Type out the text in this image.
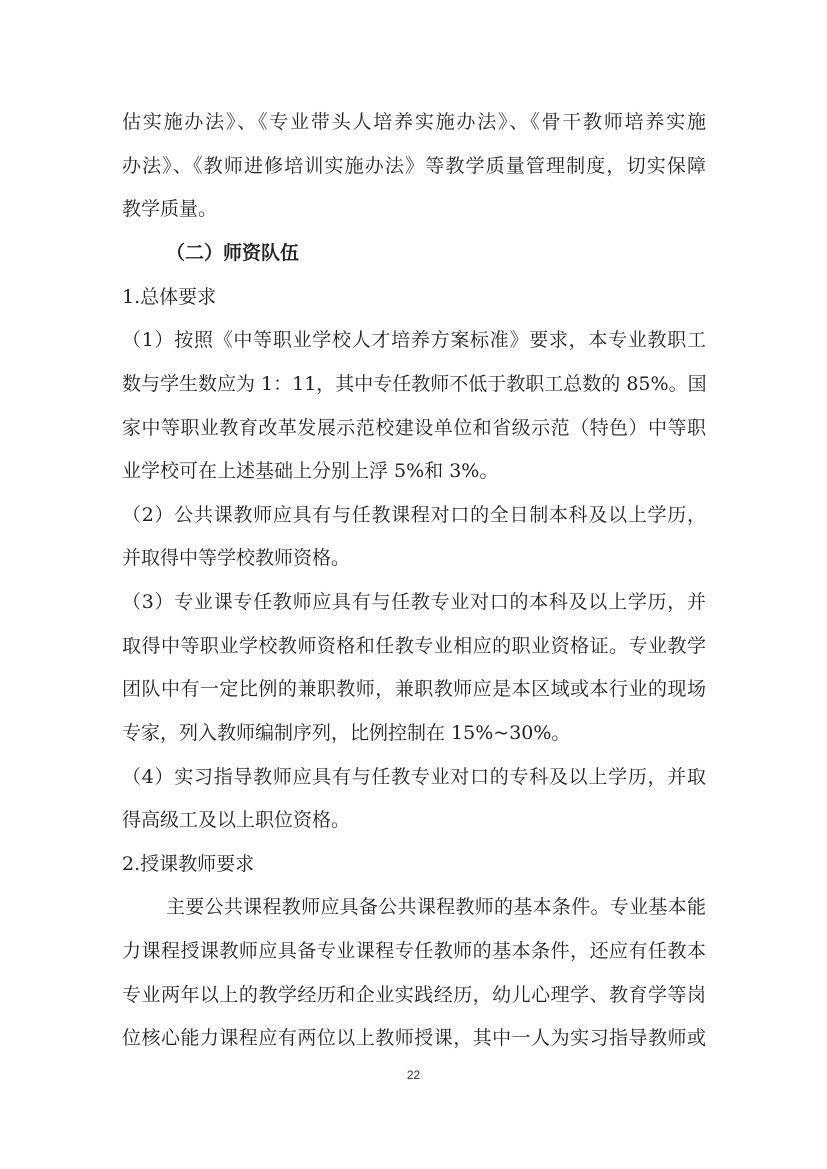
估实施办法》、《专业带头人培养实施办法》、《骨干教师培养实施
办法》、《教师进修培训实施办法》等教学质量管理制度，切实保障
教学质量。
（二）师资队伍
1.总体要求
（1）按照《中等职业学校人才培养方案标准》要求，本专业教职工
数与学生数应为 1：11，其中专任教师不低于教职工总数的 85%。国
家中等职业教育改革发展示范校建设单位和省级示范（特色）中等职
业学校可在上述基础上分别上浮 5%和 3%。
（2）公共课教师应具有与任教课程对口的全日制本科及以上学历，
并取得中等学校教师资格。
（3）专业课专任教师应具有与任教专业对口的本科及以上学历，并
取得中等职业学校教师资格和任教专业相应的职业资格证。专业教学
团队中有一定比例的兼职教师，兼职教师应是本区域或本行业的现场
专家，列入教师编制序列，比例控制在 15%~30%。
（4）实习指导教师应具有与任教专业对口的专科及以上学历，并取
得高级工及以上职位资格。
2.授课教师要求
主要公共课程教师应具备公共课程教师的基本条件。专业基本能
力课程授课教师应具备专业课程专任教师的基本条件，还应有任教本
专业两年以上的教学经历和企业实践经历，幼儿心理学、教育学等岗
位核心能力课程应有两位以上教师授课，其中一人为实习指导教师或
22
